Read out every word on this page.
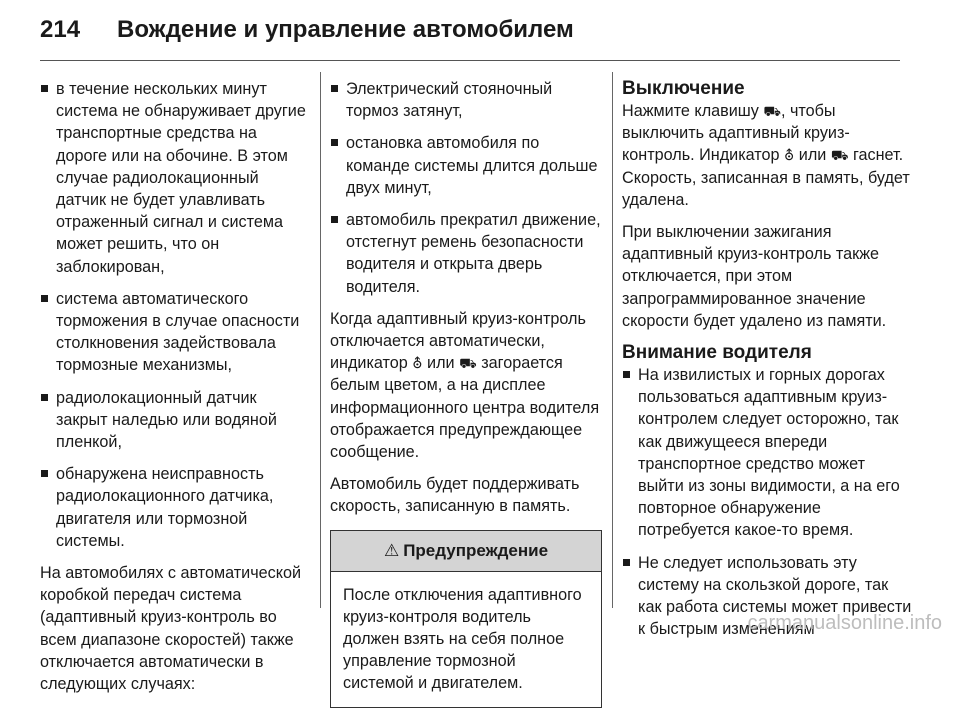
214 Вождение и управление автомобилем
в течение нескольких минут система не обнаруживает другие транспортные средства на дороге или на обочине. В этом случае радиолокационный датчик не будет улавливать отраженный сигнал и система может решить, что он заблокирован,
система автоматического торможения в случае опасности столкновения задействовала тормозные механизмы,
радиолокационный датчик закрыт наледью или водяной пленкой,
обнаружена неисправность радиолокационного датчика, двигателя или тормозной системы.

На автомобилях с автоматической коробкой передач система (адаптивный круиз-контроль во всем диапазоне скоростей) также отключается автоматически в следующих случаях:

Электрический стояночный тормоз затянут,
остановка автомобиля по команде системы длится дольше двух минут,
автомобиль прекратил движение, отстегнут ремень безопасности водителя и открыта дверь водителя.

Когда адаптивный круиз-контроль отключается автоматически, индикатор ⛢ или ⛟ загорается белым цветом, а на дисплее информационного центра водителя отображается предупреждающее сообщение.

Автомобиль будет поддерживать скорость, записанную в память.

⚠ Предупреждение
После отключения адаптивного круиз-контроля водитель должен взять на себя полное управление тормозной системой и двигателем.
Выключение

Нажмите клавишу ⛟, чтобы выключить адаптивный круиз-контроль. Индикатор ⛢ или ⛟ гаснет. Скорость, записанная в память, будет удалена.

При выключении зажигания адаптивный круиз-контроль также отключается, при этом запрограммированное значение скорости будет удалено из памяти.

Внимание водителя
На извилистых и горных дорогах пользоваться адаптивным круиз-контролем следует осторожно, так как движущееся впереди транспортное средство может выйти из зоны видимости, а на его повторное обнаружение потребуется какое-то время.
Не следует использовать эту систему на скользкой дороге, так как работа системы может привести к быстрым изменениям
carmanualsonline.info
